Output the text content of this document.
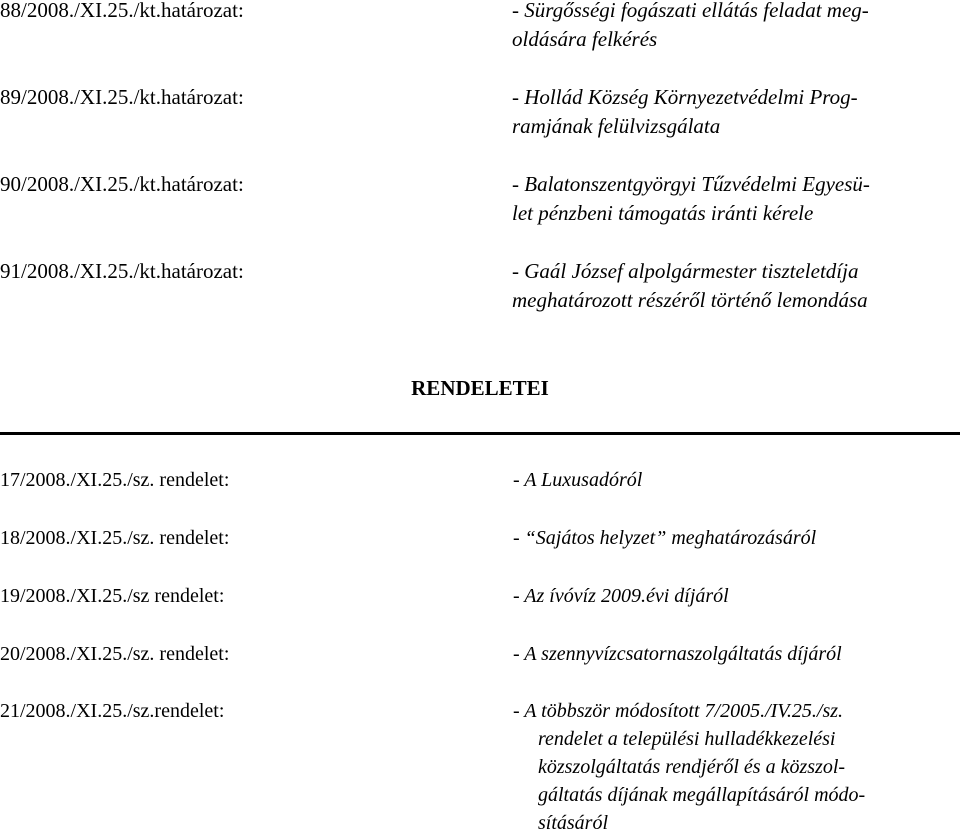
88/2008./XI.25./kt.határozat:	- Sürgősségi fogászati ellátás feladat meg-
oldására felkérés
89/2008./XI.25./kt.határozat:	- Hollád Község Környezetvédelmi Prog-
ramjának felülvizsgálata
90/2008./XI.25./kt.határozat:	- Balatonszentgyörgyi Tűzvédelmi Egyesü-
let pénzbeni támogatás iránti kérele
91/2008./XI.25./kt.határozat:	- Gaál József alpolgármester tiszteletdíja
meghatározott részéről történő lemondása
RENDELETEI
17/2008./XI.25./sz. rendelet:	- A Luxusadóról
18/2008./XI.25./sz. rendelet:	- “Sajátos helyzet” meghatározásáról
19/2008./XI.25./sz rendelet:	- Az ívóvíz 2009.évi díjáról
20/2008./XI.25./sz. rendelet:	- A szennyvízcsatornaszolgáltatás díjáról
21/2008./XI.25./sz.rendelet:	- A többször módosított 7/2005./IV.25./sz.
rendelet a települési hulladékkezelési
közszolgáltatás rendjéről és a közszol-
gáltatás díjának megállapításáról módo-
sításáról
